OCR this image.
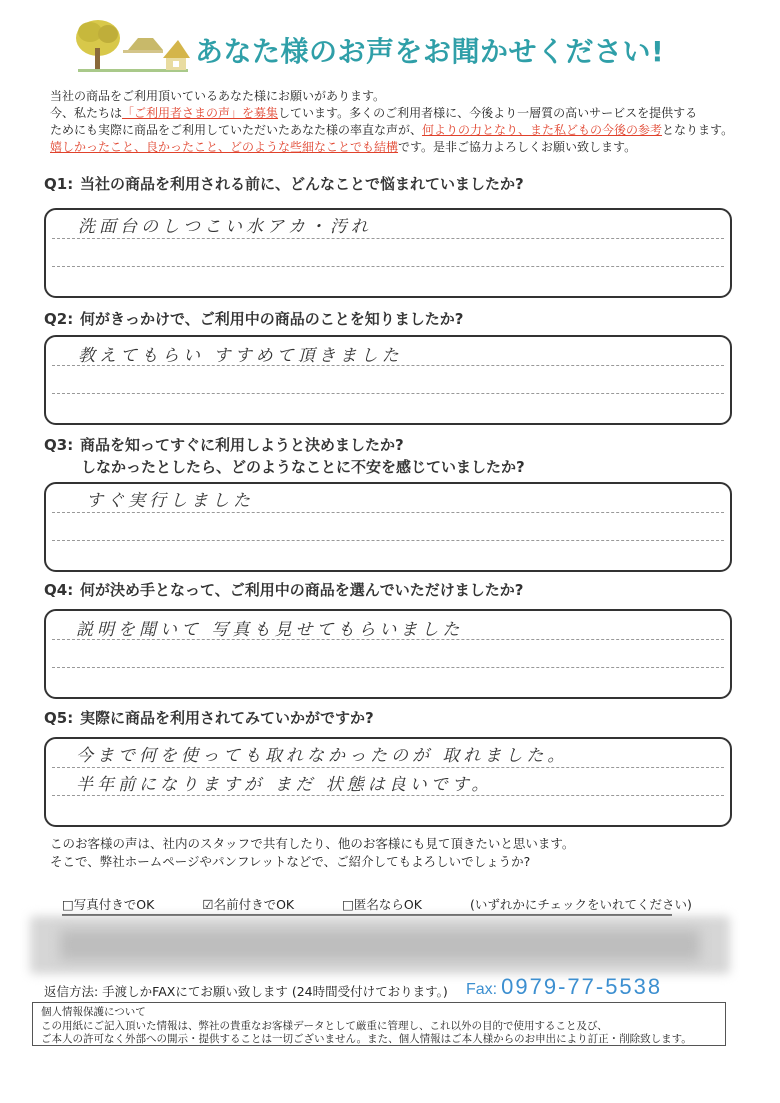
あなた様のお声をお聞かせください!
当社の商品をご利用頂いているあなた様にお願いがあります。
今、私たちは「ご利用者さまの声」を募集しています。多くのご利用者様に、今後より一層質の高いサービスを提供する
ためにも実際に商品をご利用していただいたあなた様の率直な声が、何よりの力となり、また私どもの今後の参考となります。
嬉しかったこと、良かったこと、どのような些細なことでも結構です。是非ご協力よろしくお願い致します。
Q1: 当社の商品を利用される前に、どんなことで悩まれていましたか?
洗面台のしつこい水アカ・汚れ
Q2: 何がきっかけで、ご利用中の商品のことを知りましたか?
教えてもらい すすめて頂きました
Q3: 商品を知ってすぐに利用しようと決めましたか?
しなかったとしたら、どのようなことに不安を感じていましたか?
すぐ実行しました
Q4: 何が決め手となって、ご利用中の商品を選んでいただけましたか?
説明を聞いて 写真も見せてもらいました
Q5: 実際に商品を利用されてみていかがですか?
今まで何を使っても取れなかったのが 取れました。
半年前になりますが まだ 状態は良いです。
このお客様の声は、社内のスタッフで共有したり、他のお客様にも見て頂きたいと思います。
そこで、弊社ホームページやパンフレットなどで、ご紹介してもよろしいでしょうか?
□写真付きでOK	☑名前付きでOK	□匿名ならOK	(いずれかにチェックをいれてください)
返信方法: 手渡しかFAXにてお願い致します (24時間受付けております。) Fax: 0979-77-5538
個人情報保護について
この用紙にご記入頂いた情報は、弊社の貴重なお客様データとして厳重に管理し、これ以外の目的で使用すること及び、
ご本人の許可なく外部への開示・提供することは一切ございません。また、個人情報はご本人様からのお申出により訂正・削除致します。
